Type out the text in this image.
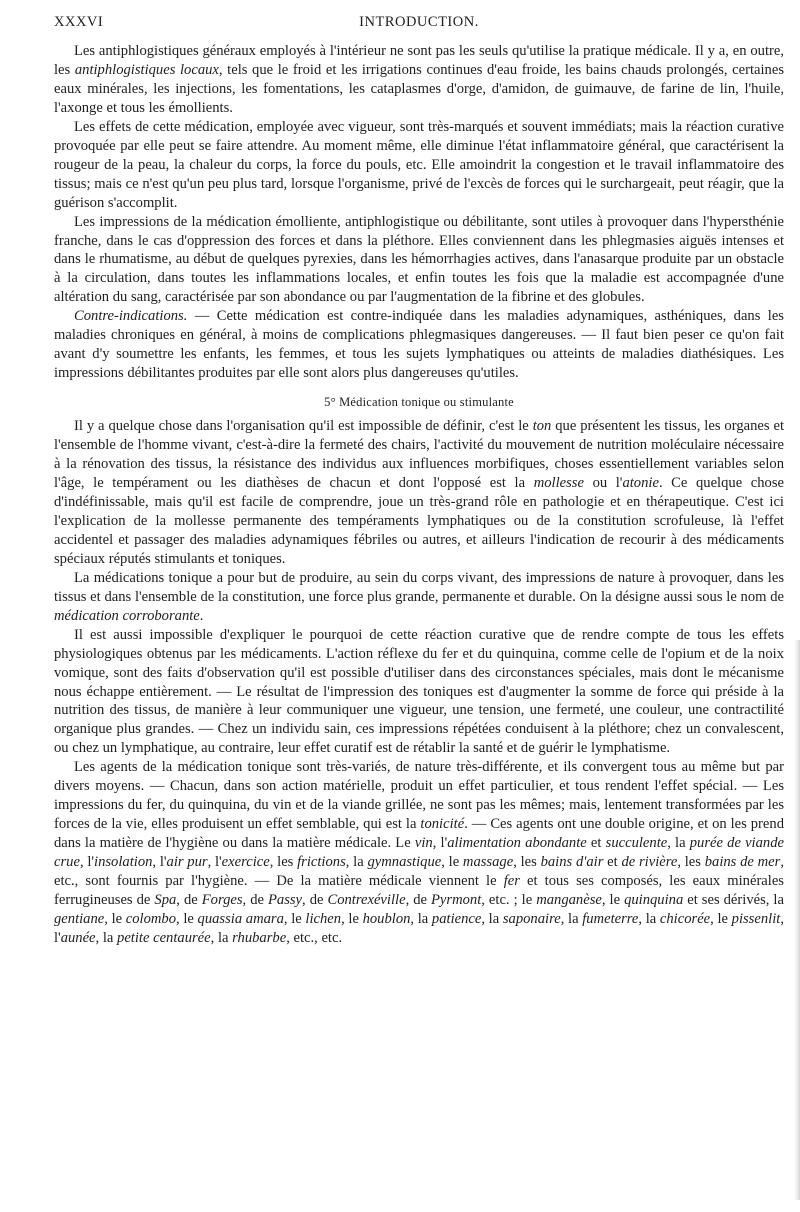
XXXVI	INTRODUCTION.

Les antiphlogistiques généraux employés à l'intérieur ne sont pas les seuls qu'utilise la pratique médicale. Il y a, en outre, les antiphlogistiques locaux, tels que le froid et les irrigations continues d'eau froide, les bains chauds prolongés, certaines eaux minérales, les injections, les fomentations, les cataplasmes d'orge, d'amidon, de guimauve, de farine de lin, l'huile, l'axonge et tous les émollients.

Les effets de cette médication, employée avec vigueur, sont très-marqués et souvent immédiats; mais la réaction curative provoquée par elle peut se faire attendre. Au moment même, elle diminue l'état inflammatoire général, que caractérisent la rougeur de la peau, la chaleur du corps, la force du pouls, etc. Elle amoindrit la congestion et le travail inflammatoire des tissus; mais ce n'est qu'un peu plus tard, lorsque l'organisme, privé de l'excès de forces qui le surchargeait, peut réagir, que la guérison s'accomplit.

Les impressions de la médication émolliente, antiphlogistique ou débilitante, sont utiles à provoquer dans l'hypersthénie franche, dans le cas d'oppression des forces et dans la pléthore. Elles conviennent dans les phlegmasies aiguës intenses et dans le rhumatisme, au début de quelques pyrexies, dans les hémorrhagies actives, dans l'anasarque produite par un obstacle à la circulation, dans toutes les inflammations locales, et enfin toutes les fois que la maladie est accompagnée d'une altération du sang, caractérisée par son abondance ou par l'augmentation de la fibrine et des globules.

Contre-indications. — Cette médication est contre-indiquée dans les maladies adynamiques, asthéniques, dans les maladies chroniques en général, à moins de complications phlegmasiques dangereuses. — Il faut bien peser ce qu'on fait avant d'y soumettre les enfants, les femmes, et tous les sujets lymphatiques ou atteints de maladies diathésiques. Les impressions débilitantes produites par elle sont alors plus dangereuses qu'utiles.

5° Médication tonique ou stimulante

Il y a quelque chose dans l'organisation qu'il est impossible de définir, c'est le ton que présentent les tissus, les organes et l'ensemble de l'homme vivant, c'est-à-dire la fermeté des chairs, l'activité du mouvement de nutrition moléculaire nécessaire à la rénovation des tissus, la résistance des individus aux influences morbifiques, choses essentiellement variables selon l'âge, le tempérament ou les diathèses de chacun et dont l'opposé est la mollesse ou l'atonie. Ce quelque chose d'indéfinissable, mais qu'il est facile de comprendre, joue un très-grand rôle en pathologie et en thérapeutique. C'est ici l'explication de la mollesse permanente des tempéraments lymphatiques ou de la constitution scrofuleuse, là l'effet accidentel et passager des maladies adynamiques fébriles ou autres, et ailleurs l'indication de recourir à des médicaments spéciaux réputés stimulants et toniques.

La médications tonique a pour but de produire, au sein du corps vivant, des impressions de nature à provoquer, dans les tissus et dans l'ensemble de la constitution, une force plus grande, permanente et durable. On la désigne aussi sous le nom de médication corroborante.

Il est aussi impossible d'expliquer le pourquoi de cette réaction curative que de rendre compte de tous les effets physiologiques obtenus par les médicaments. L'action réflexe du fer et du quinquina, comme celle de l'opium et de la noix vomique, sont des faits d'observation qu'il est possible d'utiliser dans des circonstances spéciales, mais dont le mécanisme nous échappe entièrement. — Le résultat de l'impression des toniques est d'augmenter la somme de force qui préside à la nutrition des tissus, de manière à leur communiquer une vigueur, une tension, une fermeté, une couleur, une contractilité organique plus grandes. — Chez un individu sain, ces impressions répétées conduisent à la pléthore; chez un convalescent, ou chez un lymphatique, au contraire, leur effet curatif est de rétablir la santé et de guérir le lymphatisme.

Les agents de la médication tonique sont très-variés, de nature très-différente, et ils convergent tous au même but par divers moyens. — Chacun, dans son action matérielle, produit un effet particulier, et tous rendent l'effet spécial. — Les impressions du fer, du quinquina, du vin et de la viande grillée, ne sont pas les mêmes; mais, lentement transformées par les forces de la vie, elles produisent un effet semblable, qui est la tonicité. — Ces agents ont une double origine, et on les prend dans la matière de l'hygiène ou dans la matière médicale. Le vin, l'alimentation abondante et succulente, la purée de viande crue, l'insolation, l'air pur, l'exercice, les frictions, la gymnastique, le massage, les bains d'air et de rivière, les bains de mer, etc., sont fournis par l'hygiène. — De la matière médicale viennent le fer et tous ses composés, les eaux minérales ferrugineuses de Spa, de Forges, de Passy, de Contrexéville, de Pyrmont, etc. ; le manganèse, le quinquina et ses dérivés, la gentiane, le colombo, le quassia amara, le lichen, le houblon, la patience, la saponaire, la fumeterre, la chicorée, le pissenlit, l'aunée, la petite centaurée, la rhubarbe, etc., etc.
